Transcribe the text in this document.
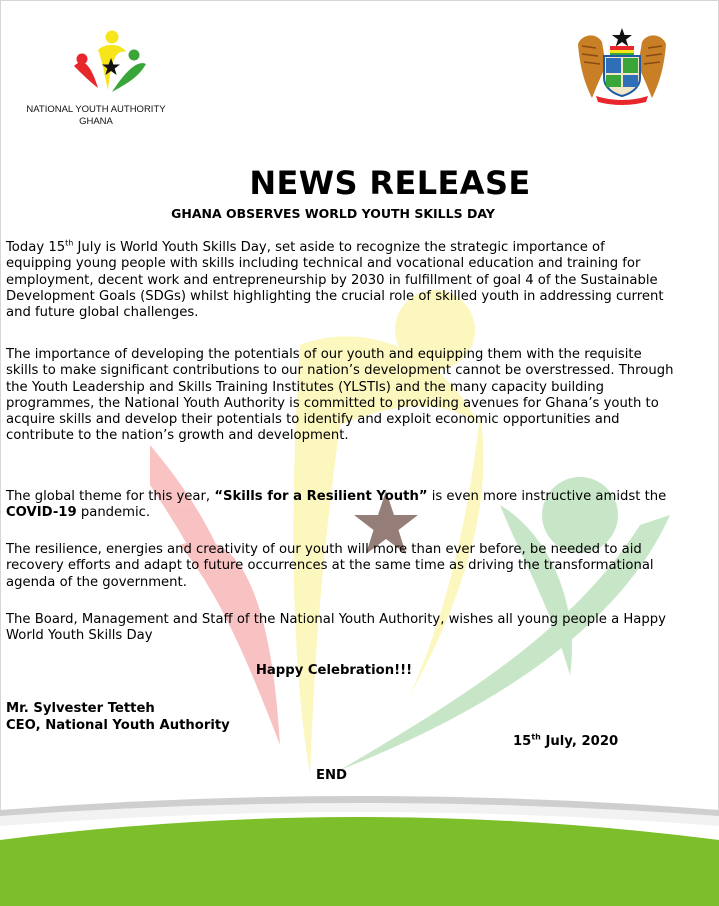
NATIONAL YOUTH AUTHORITY
GHANA
NEWS RELEASE
GHANA OBSERVES WORLD YOUTH SKILLS DAY

Today 15th July is World Youth Skills Day, set aside to recognize the strategic importance of equipping young people with skills including technical and vocational education and training for employment, decent work and entrepreneurship by 2030 in fulfillment of goal 4 of the Sustainable Development Goals (SDGs) whilst highlighting the crucial role of skilled youth in addressing current and future global challenges.

The importance of developing the potentials of our youth and equipping them with the requisite skills to make significant contributions to our nation’s development cannot be overstressed. Through the Youth Leadership and Skills Training Institutes (YLSTIs) and the many capacity building programmes, the National Youth Authority is committed to providing avenues for Ghana’s youth to acquire skills and develop their potentials to identify and exploit economic opportunities and contribute to the nation’s growth and development.

The global theme for this year, “Skills for a Resilient Youth” is even more instructive amidst the COVID-19 pandemic.

The resilience, energies and creativity of our youth will more than ever before, be needed to aid recovery efforts and adapt to future occurrences at the same time as driving the transformational agenda of the government.

The Board, Management and Staff of the National Youth Authority, wishes all young people a Happy World Youth Skills Day

Happy Celebration!!!
Mr. Sylvester Tetteh
CEO, National Youth Authority
15th July, 2020
END
